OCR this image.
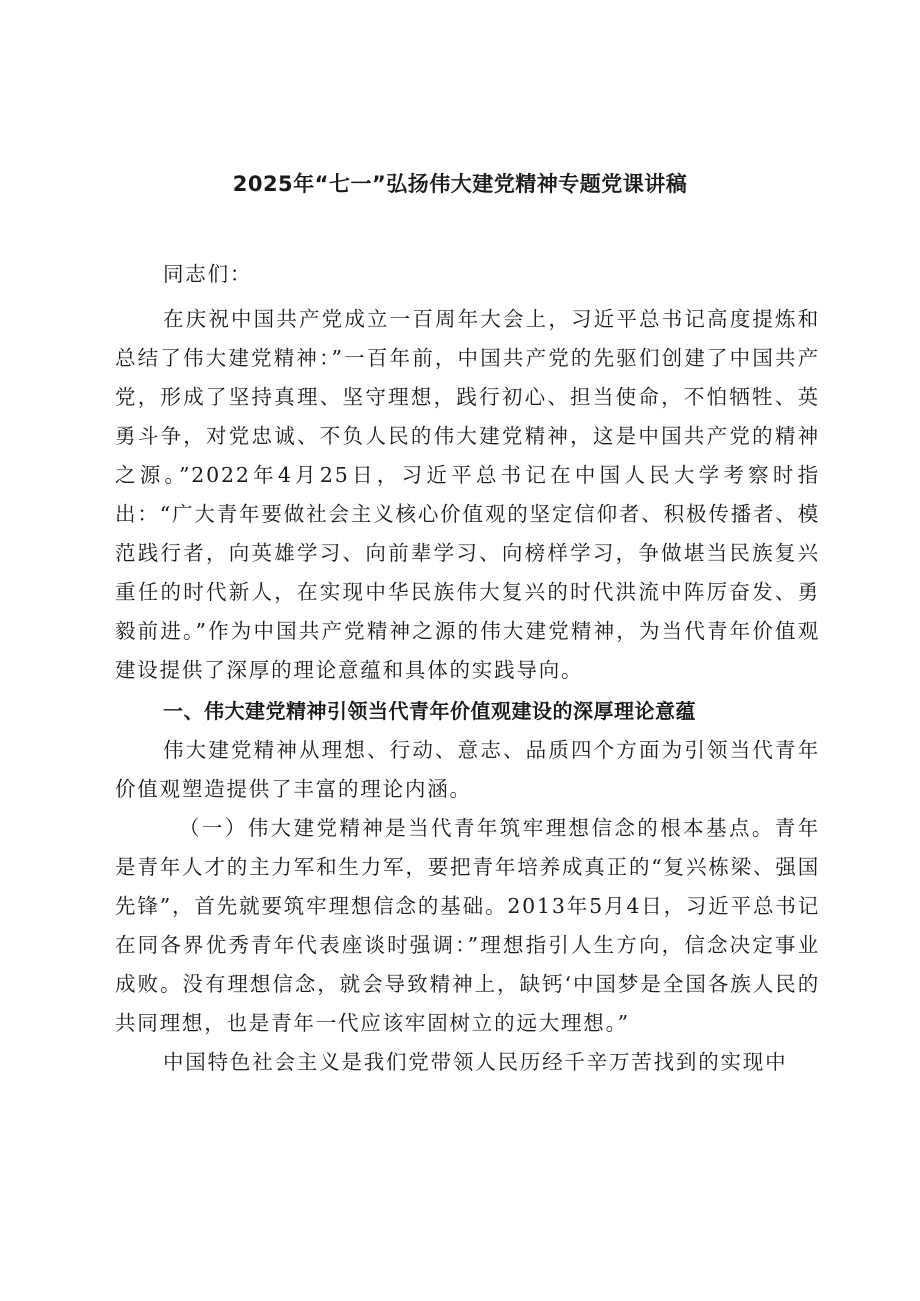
2025年“七一”弘扬伟大建党精神专题党课讲稿

同志们：

在庆祝中国共产党成立一百周年大会上，习近平总书记高度提炼和总结了伟大建党精神：”一百年前，中国共产党的先驱们创建了中国共产党，形成了坚持真理、坚守理想，践行初心、担当使命，不怕牺牲、英勇斗争，对党忠诚、不负人民的伟大建党精神，这是中国共产党的精神之源。”2022年4月25日，习近平总书记在中国人民大学考察时指出：“广大青年要做社会主义核心价值观的坚定信仰者、积极传播者、模范践行者，向英雄学习、向前辈学习、向榜样学习，争做堪当民族复兴重任的时代新人，在实现中华民族伟大复兴的时代洪流中阵厉奋发、勇毅前进。”作为中国共产党精神之源的伟大建党精神，为当代青年价值观建设提供了深厚的理论意蕴和具体的实践导向。

一、伟大建党精神引领当代青年价值观建设的深厚理论意蕴

伟大建党精神从理想、行动、意志、品质四个方面为引领当代青年价值观塑造提供了丰富的理论内涵。

（一）伟大建党精神是当代青年筑牢理想信念的根本基点。青年是青年人才的主力军和生力军，要把青年培养成真正的“复兴栋梁、强国先锋”，首先就要筑牢理想信念的基础。2013年5月4日，习近平总书记在同各界优秀青年代表座谈时强调：”理想指引人生方向，信念决定事业成败。没有理想信念，就会导致精神上，缺钙‘中国梦是全国各族人民的共同理想，也是青年一代应该牢固树立的远大理想。”

中国特色社会主义是我们党带领人民历经千辛万苦找到的实现中
